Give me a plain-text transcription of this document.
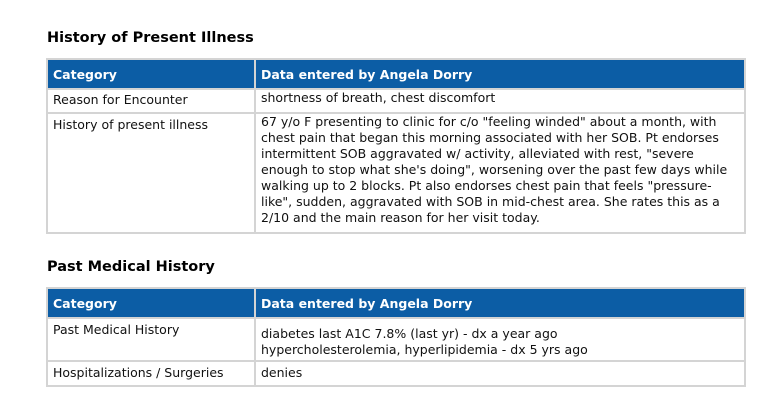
History of Present Illness
Category	Data entered by Angela Dorry
Reason for Encounter	shortness of breath, chest discomfort
History of present illness	67 y/o F presenting to clinic for c/o "feeling winded" about a month, with chest pain that began this morning associated with her SOB. Pt endorses intermittent SOB aggravated w/ activity, alleviated with rest, "severe enough to stop what she's doing", worsening over the past few days while walking up to 2 blocks. Pt also endorses chest pain that feels "pressure-like", sudden, aggravated with SOB in mid-chest area. She rates this as a 2/10 and the main reason for her visit today.
Past Medical History
Category	Data entered by Angela Dorry
Past Medical History	diabetes last A1C 7.8% (last yr) - dx a year ago
hypercholesterolemia, hyperlipidemia - dx 5 yrs ago

Hospitalizations / Surgeries	denies
